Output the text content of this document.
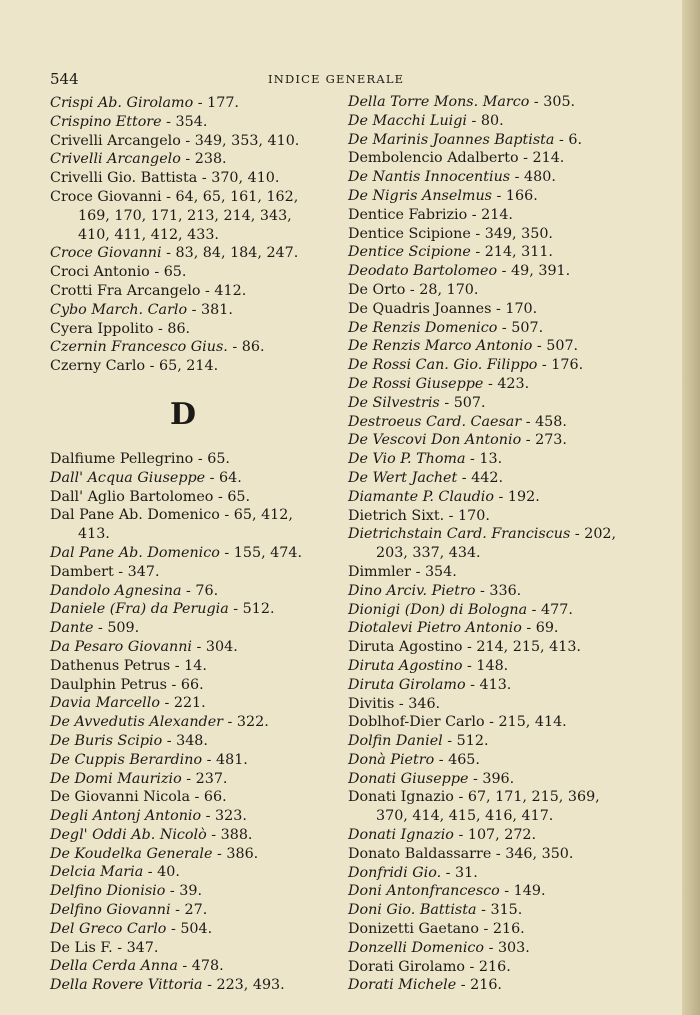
544	INDICE GENERALE

Crispi Ab. Girolamo - 177.

Crispino Ettore - 354.

Crivelli Arcangelo - 349, 353, 410.

Crivelli Arcangelo - 238.

Crivelli Gio. Battista - 370, 410.

Croce Giovanni - 64, 65, 161, 162,

169, 170, 171, 213, 214, 343,

410, 411, 412, 433.

Croce Giovanni - 83, 84, 184, 247.

Croci Antonio - 65.

Crotti Fra Arcangelo - 412.

Cybo March. Carlo - 381.

Cyera Ippolito - 86.

Czernin Francesco Gius. - 86.

Czerny Carlo - 65, 214.

D

Dalfiume Pellegrino - 65.

Dall' Acqua Giuseppe - 64.

Dall' Aglio Bartolomeo - 65.

Dal Pane Ab. Domenico - 65, 412,

413.

Dal Pane Ab. Domenico - 155, 474.

Dambert - 347.

Dandolo Agnesina - 76.

Daniele (Fra) da Perugia - 512.

Dante - 509.

Da Pesaro Giovanni - 304.

Dathenus Petrus - 14.

Daulphin Petrus - 66.

Davia Marcello - 221.

De Avvedutis Alexander - 322.

De Buris Scipio - 348.

De Cuppis Berardino - 481.

De Domi Maurizio - 237.

De Giovanni Nicola - 66.

Degli Antonj Antonio - 323.

Degl' Oddi Ab. Nicolò - 388.

De Koudelka Generale - 386.

Delcia Maria - 40.

Delfino Dionisio - 39.

Delfino Giovanni - 27.

Del Greco Carlo - 504.

De Lis F. - 347.

Della Cerda Anna - 478.

Della Rovere Vittoria - 223, 493.

Della Torre Mons. Marco - 305.

De Macchi Luigi - 80.

De Marinis Joannes Baptista - 6.

Dembolencio Adalberto - 214.

De Nantis Innocentius - 480.

De Nigris Anselmus - 166.

Dentice Fabrizio - 214.

Dentice Scipione - 349, 350.

Dentice Scipione - 214, 311.

Deodato Bartolomeo - 49, 391.

De Orto - 28, 170.

De Quadris Joannes - 170.

De Renzis Domenico - 507.

De Renzis Marco Antonio - 507.

De Rossi Can. Gio. Filippo - 176.

De Rossi Giuseppe - 423.

De Silvestris - 507.

Destroeus Card. Caesar - 458.

De Vescovi Don Antonio - 273.

De Vio P. Thoma - 13.

De Wert Jachet - 442.

Diamante P. Claudio - 192.

Dietrich Sixt. - 170.

Dietrichstain Card. Franciscus - 202,

203, 337, 434.

Dimmler - 354.

Dino Arciv. Pietro - 336.

Dionigi (Don) di Bologna - 477.

Diotalevi Pietro Antonio - 69.

Diruta Agostino - 214, 215, 413.

Diruta Agostino - 148.

Diruta Girolamo - 413.

Divitis - 346.

Doblhof-Dier Carlo - 215, 414.

Dolfin Daniel - 512.

Donà Pietro - 465.

Donati Giuseppe - 396.

Donati Ignazio - 67, 171, 215, 369,

370, 414, 415, 416, 417.

Donati Ignazio - 107, 272.

Donato Baldassarre - 346, 350.

Donfridi Gio. - 31.

Doni Antonfrancesco - 149.

Doni Gio. Battista - 315.

Donizetti Gaetano - 216.

Donzelli Domenico - 303.

Dorati Girolamo - 216.

Dorati Michele - 216.
